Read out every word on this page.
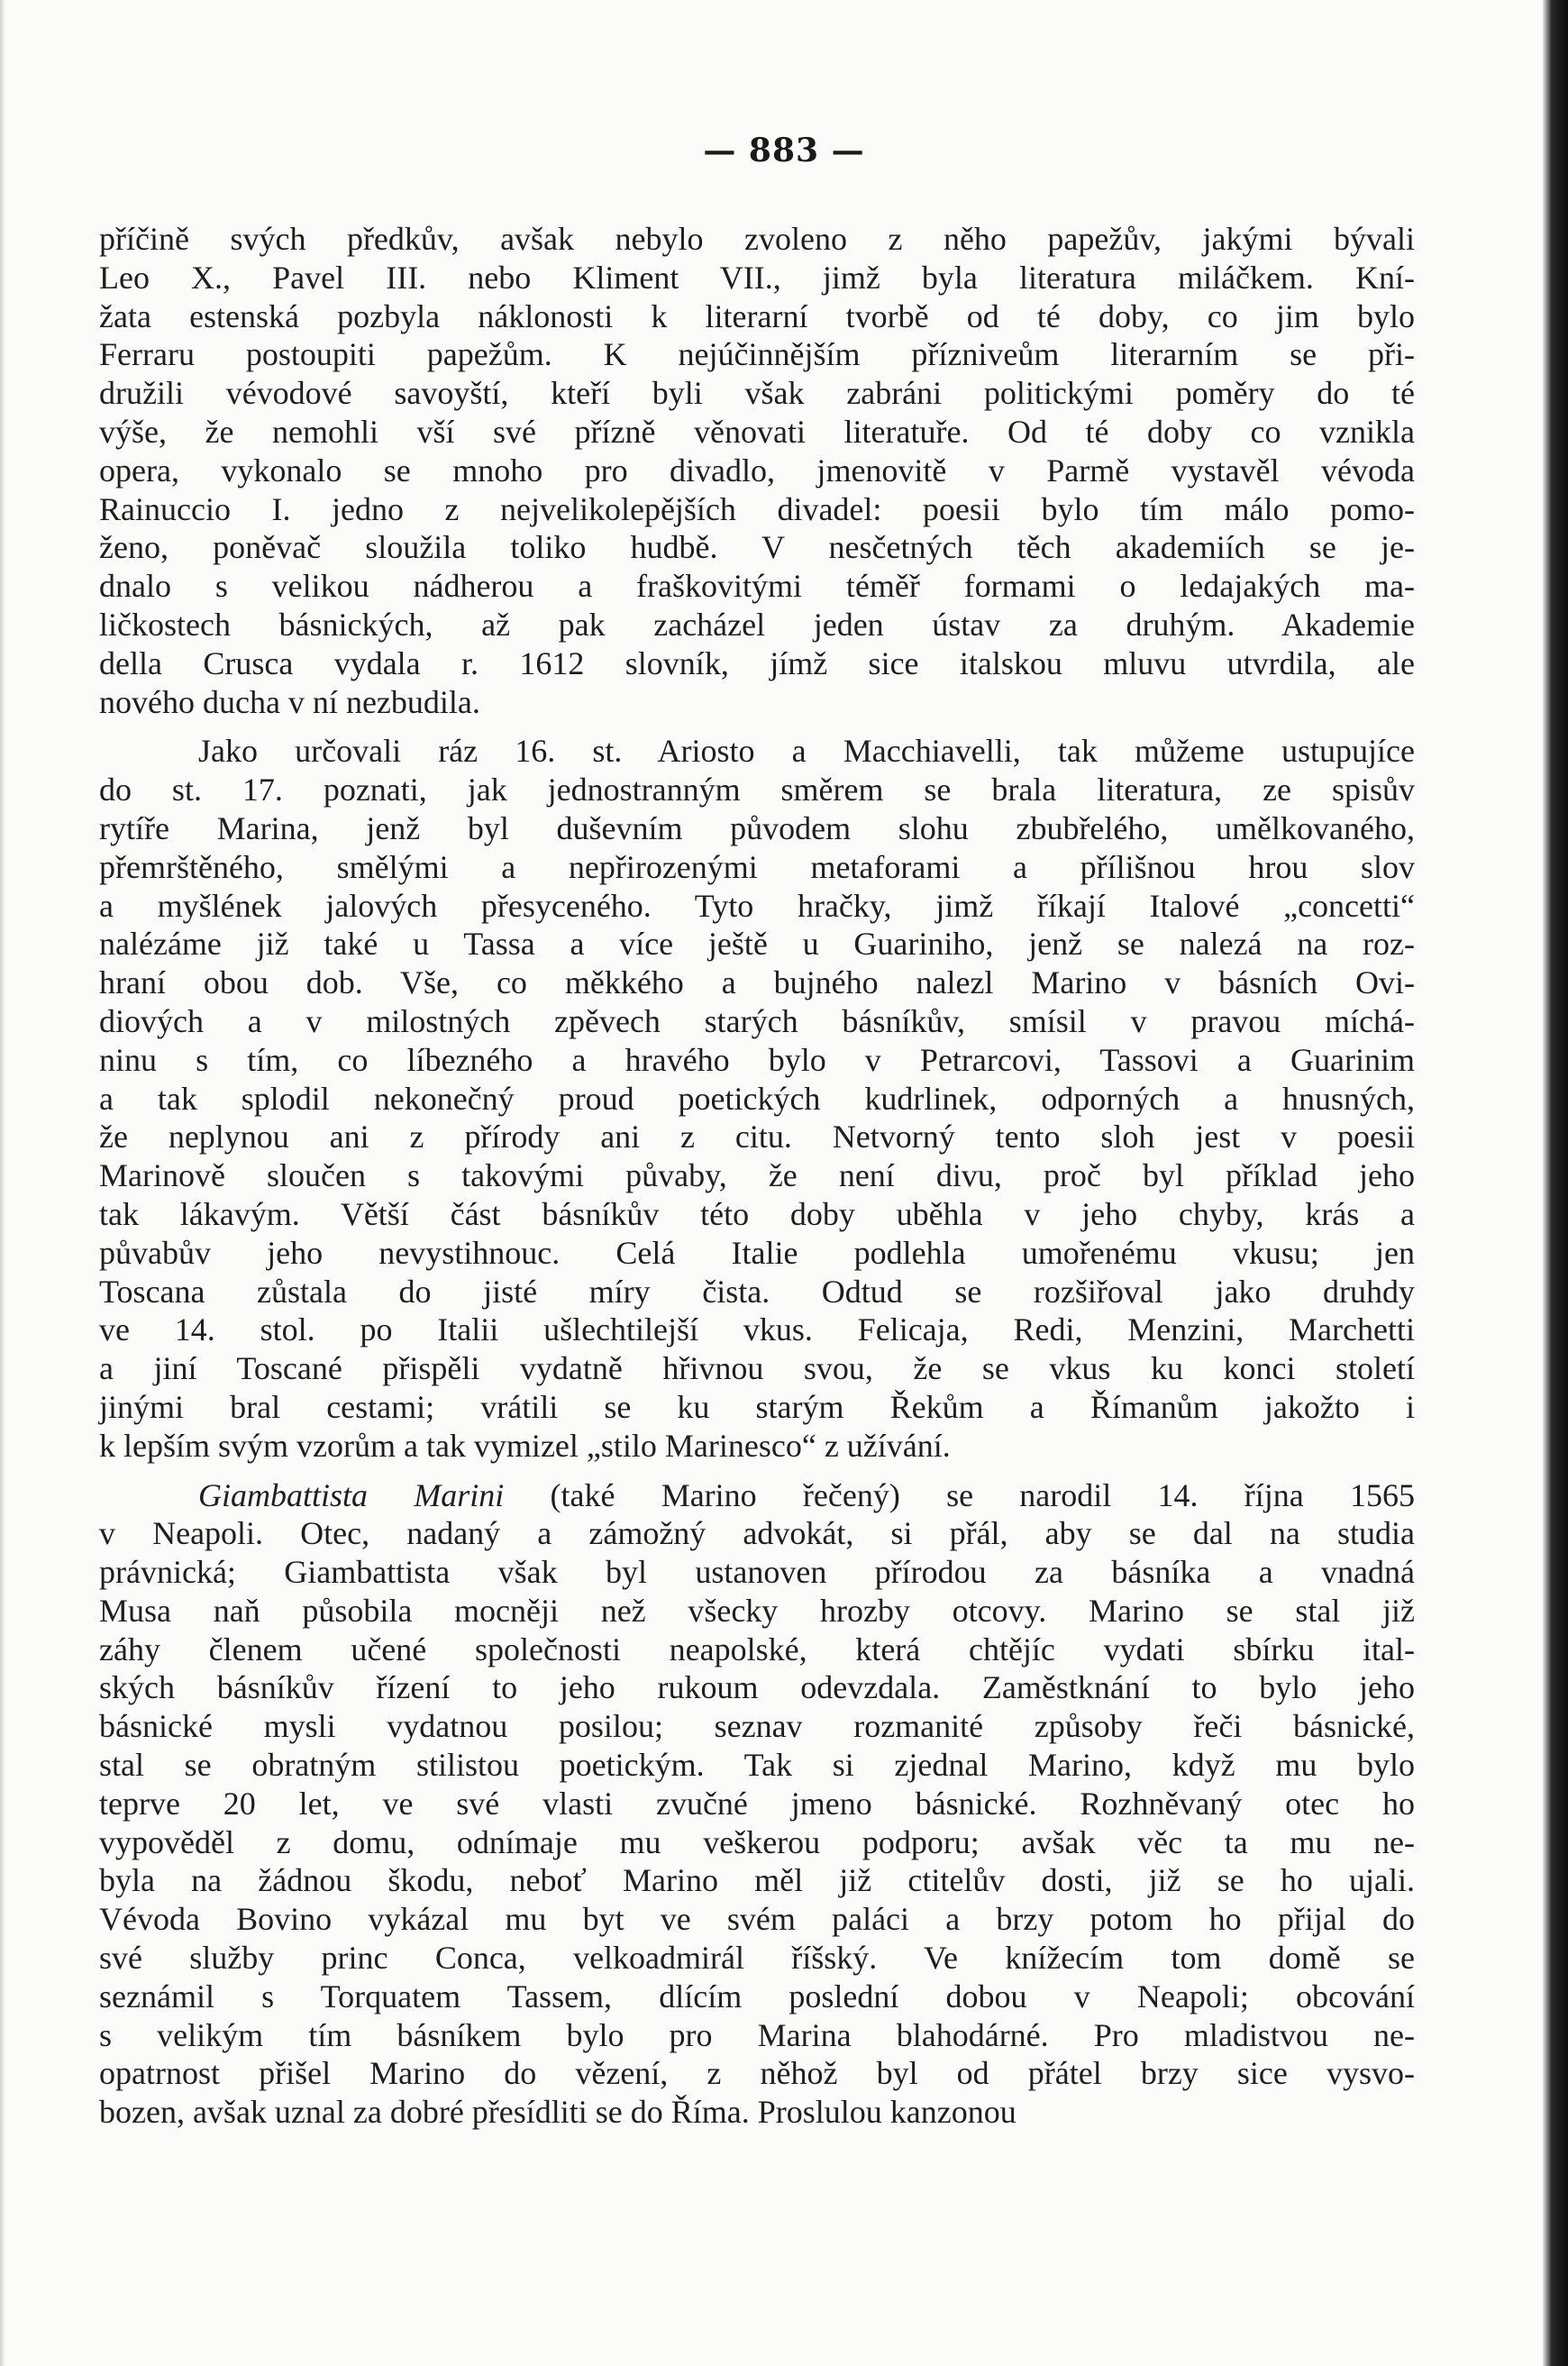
— 883 —

příčině svých předkův, avšak nebylo zvoleno z něho papežův, jakými bývali
Leo X., Pavel III. nebo Kliment VII., jimž byla literatura miláčkem. Kní-
žata estenská pozbyla náklonosti k literarní tvorbě od té doby, co jim bylo
Ferraru postoupiti papežům. K nejúčinnějším přízniveům literarním se při-
družili vévodové savoyští, kteří byli však zabráni politickými poměry do té
výše, že nemohli vší své přízně věnovati literatuře. Od té doby co vznikla
opera, vykonalo se mnoho pro divadlo, jmenovitě v Parmě vystavěl vévoda
Rainuccio I. jedno z nejvelikolepějších divadel: poesii bylo tím málo pomo-
ženo, poněvač sloužila toliko hudbě. V nesčetných těch akademiích se je-
dnalo s velikou nádherou a fraškovitými téměř formami o ledajakých ma-
ličkostech básnických, až pak zacházel jeden ústav za druhým. Akademie
della Crusca vydala r. 1612 slovník, jímž sice italskou mluvu utvrdila, ale
nového ducha v ní nezbudila.

Jako určovali ráz 16. st. Ariosto a Macchiavelli, tak můžeme ustupujíce
do st. 17. poznati, jak jednostranným směrem se brala literatura, ze spisův
rytíře Marina, jenž byl duševním původem slohu zbubřelého, umělkovaného,
přemrštěného, smělými a nepřirozenými metaforami a přílišnou hrou slov
a myšlének jalových přesyceného. Tyto hračky, jimž říkají Italové „concetti“
nalézáme již také u Tassa a více ještě u Guariniho, jenž se nalezá na roz-
hraní obou dob. Vše, co měkkého a bujného nalezl Marino v básních Ovi-
diových a v milostných zpěvech starých básníkův, smísil v pravou míchá-
ninu s tím, co líbezného a hravého bylo v Petrarcovi, Tassovi a Guarinim
a tak splodil nekonečný proud poetických kudrlinek, odporných a hnusných,
že neplynou ani z přírody ani z citu. Netvorný tento sloh jest v poesii
Marinově sloučen s takovými půvaby, že není divu, proč byl příklad jeho
tak lákavým. Větší část básníkův této doby uběhla v jeho chyby, krás a
půvabův jeho nevystihnouc. Celá Italie podlehla umořenému vkusu; jen
Toscana zůstala do jisté míry čista. Odtud se rozšiřoval jako druhdy
ve 14. stol. po Italii ušlechtilejší vkus. Felicaja, Redi, Menzini, Marchetti
a jiní Toscané přispěli vydatně hřivnou svou, že se vkus ku konci století
jinými bral cestami; vrátili se ku starým Řekům a Římanům jakožto i
k lepším svým vzorům a tak vymizel „stilo Marinesco“ z užívání.

Giambattista Marini (také Marino řečený) se narodil 14. října 1565
v Neapoli. Otec, nadaný a zámožný advokát, si přál, aby se dal na studia
právnická; Giambattista však byl ustanoven přírodou za básníka a vnadná
Musa naň působila mocněji než všecky hrozby otcovy. Marino se stal již
záhy členem učené společnosti neapolské, která chtějíc vydati sbírku ital-
ských básníkův řízení to jeho rukoum odevzdala. Zaměstknání to bylo jeho
básnické mysli vydatnou posilou; seznav rozmanité způsoby řeči básnické,
stal se obratným stilistou poetickým. Tak si zjednal Marino, když mu bylo
teprve 20 let, ve své vlasti zvučné jmeno básnické. Rozhněvaný otec ho
vypověděl z domu, odnímaje mu veškerou podporu; avšak věc ta mu ne-
byla na žádnou škodu, neboť Marino měl již ctitelův dosti, již se ho ujali.
Vévoda Bovino vykázal mu byt ve svém paláci a brzy potom ho přijal do
své služby princ Conca, velkoadmirál říšský. Ve knížecím tom domě se
seznámil s Torquatem Tassem, dlícím poslední dobou v Neapoli; obcování
s velikým tím básníkem bylo pro Marina blahodárné. Pro mladistvou ne-
opatrnost přišel Marino do vězení, z něhož byl od přátel brzy sice vysvo-
bozen, avšak uznal za dobré přesídliti se do Říma. Proslulou kanzonou
